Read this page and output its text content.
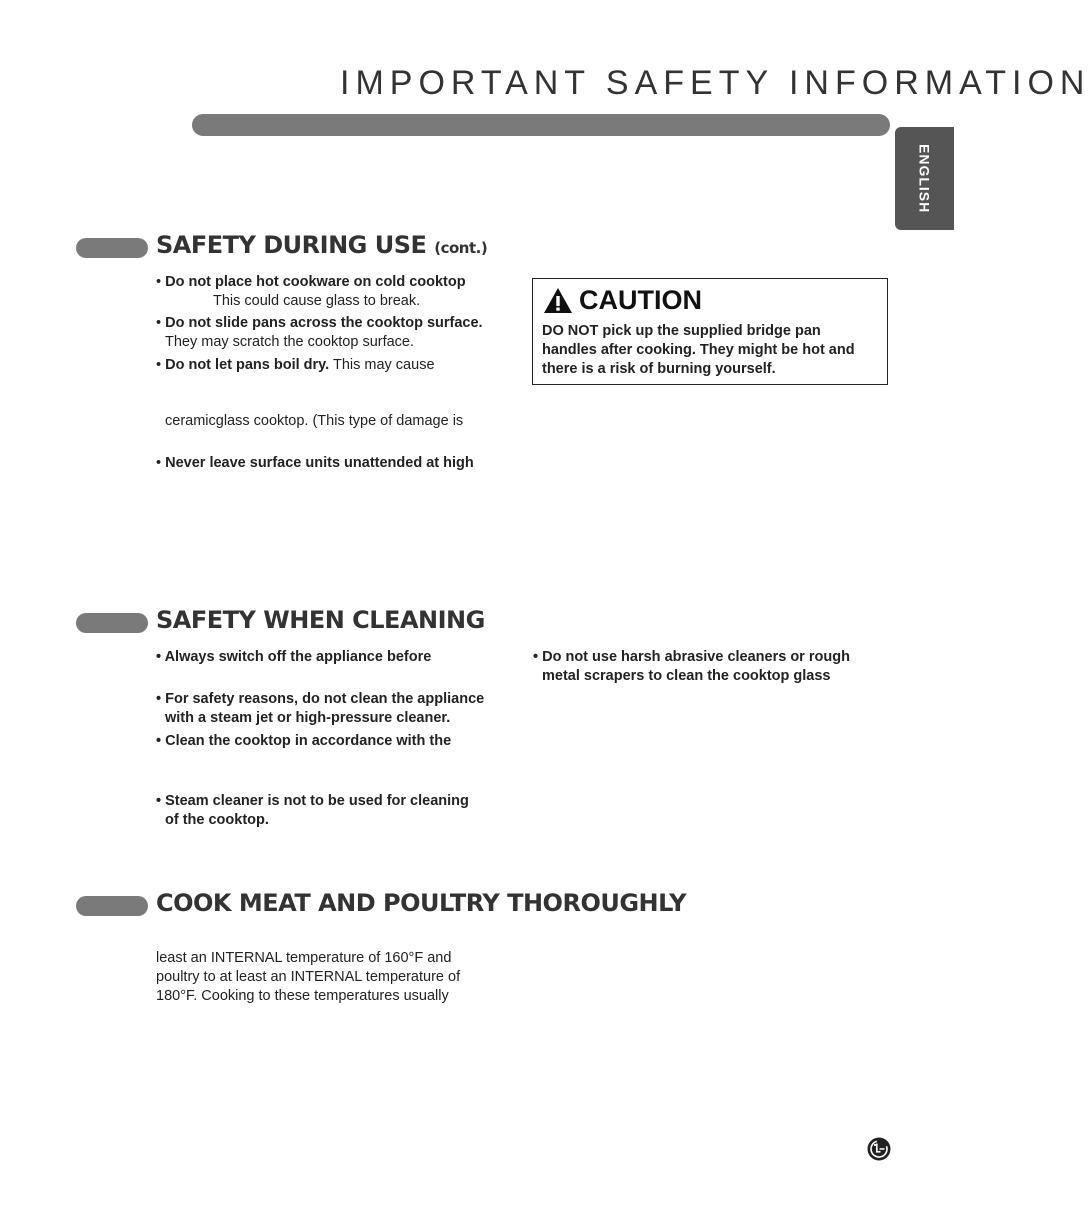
IMPORTANT SAFETY INFORMATION
ENGLISH
SAFETY DURING USE (cont.)
• Do not place hot cookware on cold cooktop
This could cause glass to break.
• Do not slide pans across the cooktop surface.
They may scratch the cooktop surface.
• Do not let pans boil dry. This may cause
ceramicglass cooktop. (This type of damage is
• Never leave surface units unattended at high
CAUTION
DO NOT pick up the supplied bridge pan
handles after cooking. They might be hot and
there is a risk of burning yourself.
SAFETY WHEN CLEANING
• Always switch off the appliance before
• For safety reasons, do not clean the appliance
with a steam jet or high-pressure cleaner.
• Clean the cooktop in accordance with the
• Steam cleaner is not to be used for cleaning
of the cooktop.
• Do not use harsh abrasive cleaners or rough
metal scrapers to clean the cooktop glass
COOK MEAT AND POULTRY THOROUGHLY
least an INTERNAL temperature of 160°F and
poultry to at least an INTERNAL temperature of
180°F. Cooking to these temperatures usually
